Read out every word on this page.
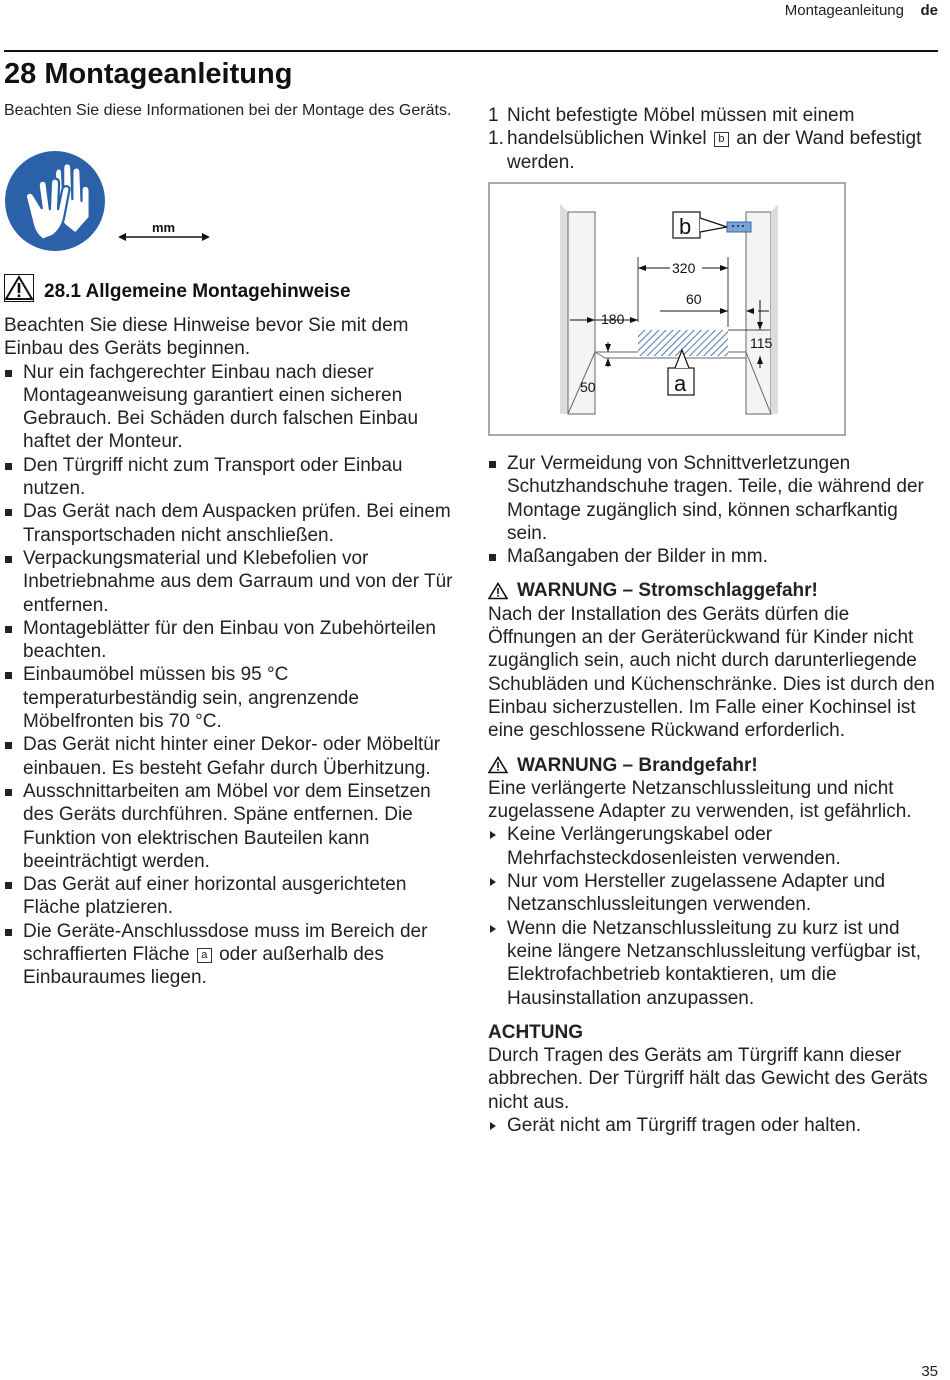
Montageanleitung de
28 Montageanleitung
Beachten Sie diese Informationen bei der Montage des Geräts.
mm
28.1 Allgemeine Montagehinweise

Beachten Sie diese Hinweise bevor Sie mit dem Einbau des Geräts beginnen.

Nur ein fachgerechter Einbau nach dieser Montageanweisung garantiert einen sicheren Gebrauch. Bei Schäden durch falschen Einbau haftet der Monteur.
Den Türgriff nicht zum Transport oder Einbau nutzen.
Das Gerät nach dem Auspacken prüfen. Bei einem Transportschaden nicht anschließen.
Verpackungsmaterial und Klebefolien vor Inbetriebnahme aus dem Garraum und von der Tür entfernen.
Montageblätter für den Einbau von Zubehörteilen beachten.
Einbaumöbel müssen bis 95 °C temperaturbeständig sein, angrenzende Möbelfronten bis 70 °C.
Das Gerät nicht hinter einer Dekor- oder Möbeltür einbauen. Es besteht Gefahr durch Überhitzung.
Ausschnittarbeiten am Möbel vor dem Einsetzen des Geräts durchführen. Späne entfernen. Die Funktion von elektrischen Bauteilen kann beeinträchtigt werden.
Das Gerät auf einer horizontal ausgerichteten Fläche platzieren.
Die Geräte-Anschlussdose muss im Bereich der schraffierten Fläche a oder außerhalb des Einbauraumes liegen.
1 1.
Nicht befestigte Möbel müssen mit einem handelsüblichen Winkel b an der Wand befestigt werden.
b
a
320
60
180
115
50
Zur Vermeidung von Schnittverletzungen Schutzhandschuhe tragen. Teile, die während der Montage zugänglich sind, können scharfkantig sein.
Maßangaben der Bilder in mm.
WARNUNG – Stromschlaggefahr!

Nach der Installation des Geräts dürfen die Öffnungen an der Geräterückwand für Kinder nicht zugänglich sein, auch nicht durch darunterliegende Schubläden und Küchenschränke. Dies ist durch den Einbau sicherzustellen. Im Falle einer Kochinsel ist eine geschlossene Rückwand erforderlich.

WARNUNG – Brandgefahr!

Eine verlängerte Netzanschlussleitung und nicht zugelassene Adapter zu verwenden, ist gefährlich.

Keine Verlängerungskabel oder Mehrfachsteckdosenleisten verwenden.
Nur vom Hersteller zugelassene Adapter und Netzanschlussleitungen verwenden.
Wenn die Netzanschlussleitung zu kurz ist und keine längere Netzanschlussleitung verfügbar ist, Elektrofachbetrieb kontaktieren, um die Hausinstallation anzupassen.
ACHTUNG

Durch Tragen des Geräts am Türgriff kann dieser abbrechen. Der Türgriff hält das Gewicht des Geräts nicht aus.

Gerät nicht am Türgriff tragen oder halten.
35
